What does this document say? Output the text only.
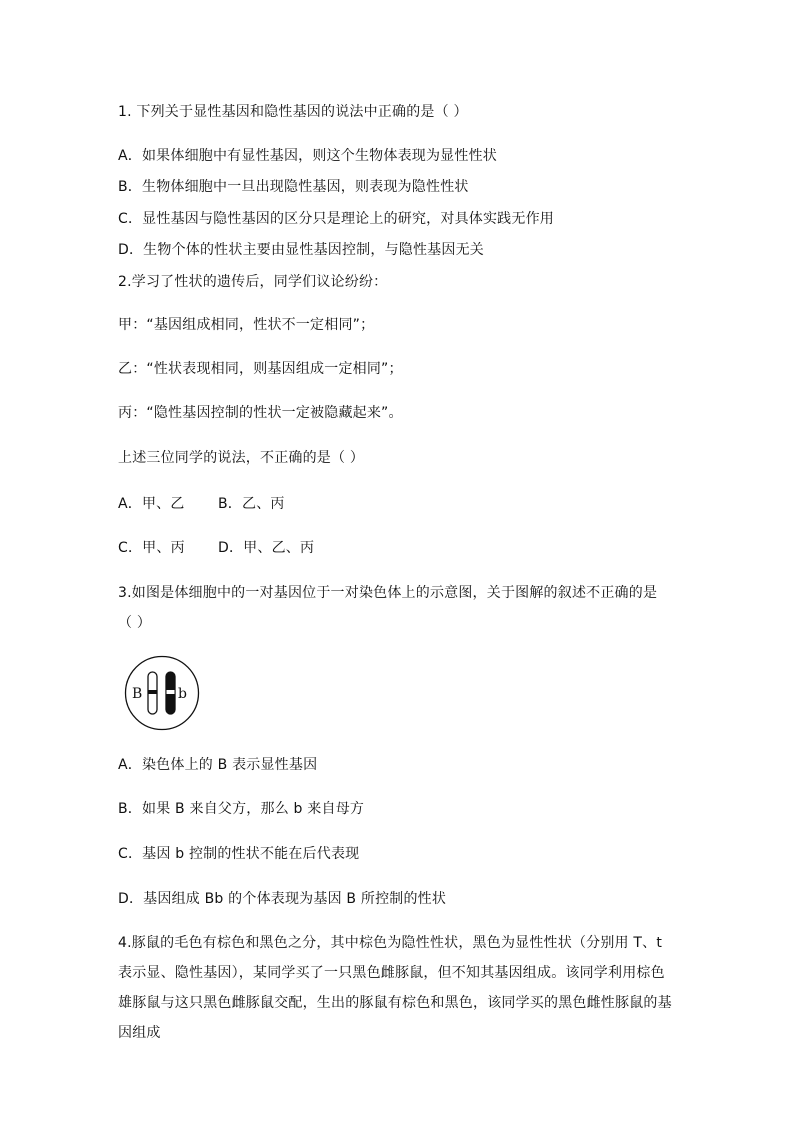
1. 下列关于显性基因和隐性基因的说法中正确的是（ ）
A．如果体细胞中有显性基因，则这个生物体表现为显性性状
B．生物体细胞中一旦出现隐性基因，则表现为隐性性状
C．显性基因与隐性基因的区分只是理论上的研究，对具体实践无作用
D．生物个体的性状主要由显性基因控制，与隐性基因无关
2.学习了性状的遗传后，同学们议论纷纷：
甲：“基因组成相同，性状不一定相同”；
乙：“性状表现相同，则基因组成一定相同”；
丙：“隐性基因控制的性状一定被隐藏起来”。
上述三位同学的说法，不正确的是（ ）
A．甲、乙 B．乙、丙
C．甲、丙 D．甲、乙、丙
3.如图是体细胞中的一对基因位于一对染色体上的示意图，关于图解的叙述不正确的是
（ ）
B	b
A．染色体上的 B 表示显性基因
B．如果 B 来自父方，那么 b 来自母方
C．基因 b 控制的性状不能在后代表现
D．基因组成 Bb 的个体表现为基因 B 所控制的性状
4.豚鼠的毛色有棕色和黑色之分，其中棕色为隐性性状，黑色为显性性状（分别用 T、t 表示显、隐性基因），某同学买了一只黑色雌豚鼠，但不知其基因组成。该同学利用棕色雄豚鼠与这只黑色雌豚鼠交配，生出的豚鼠有棕色和黑色，该同学买的黑色雌性豚鼠的基因组成
